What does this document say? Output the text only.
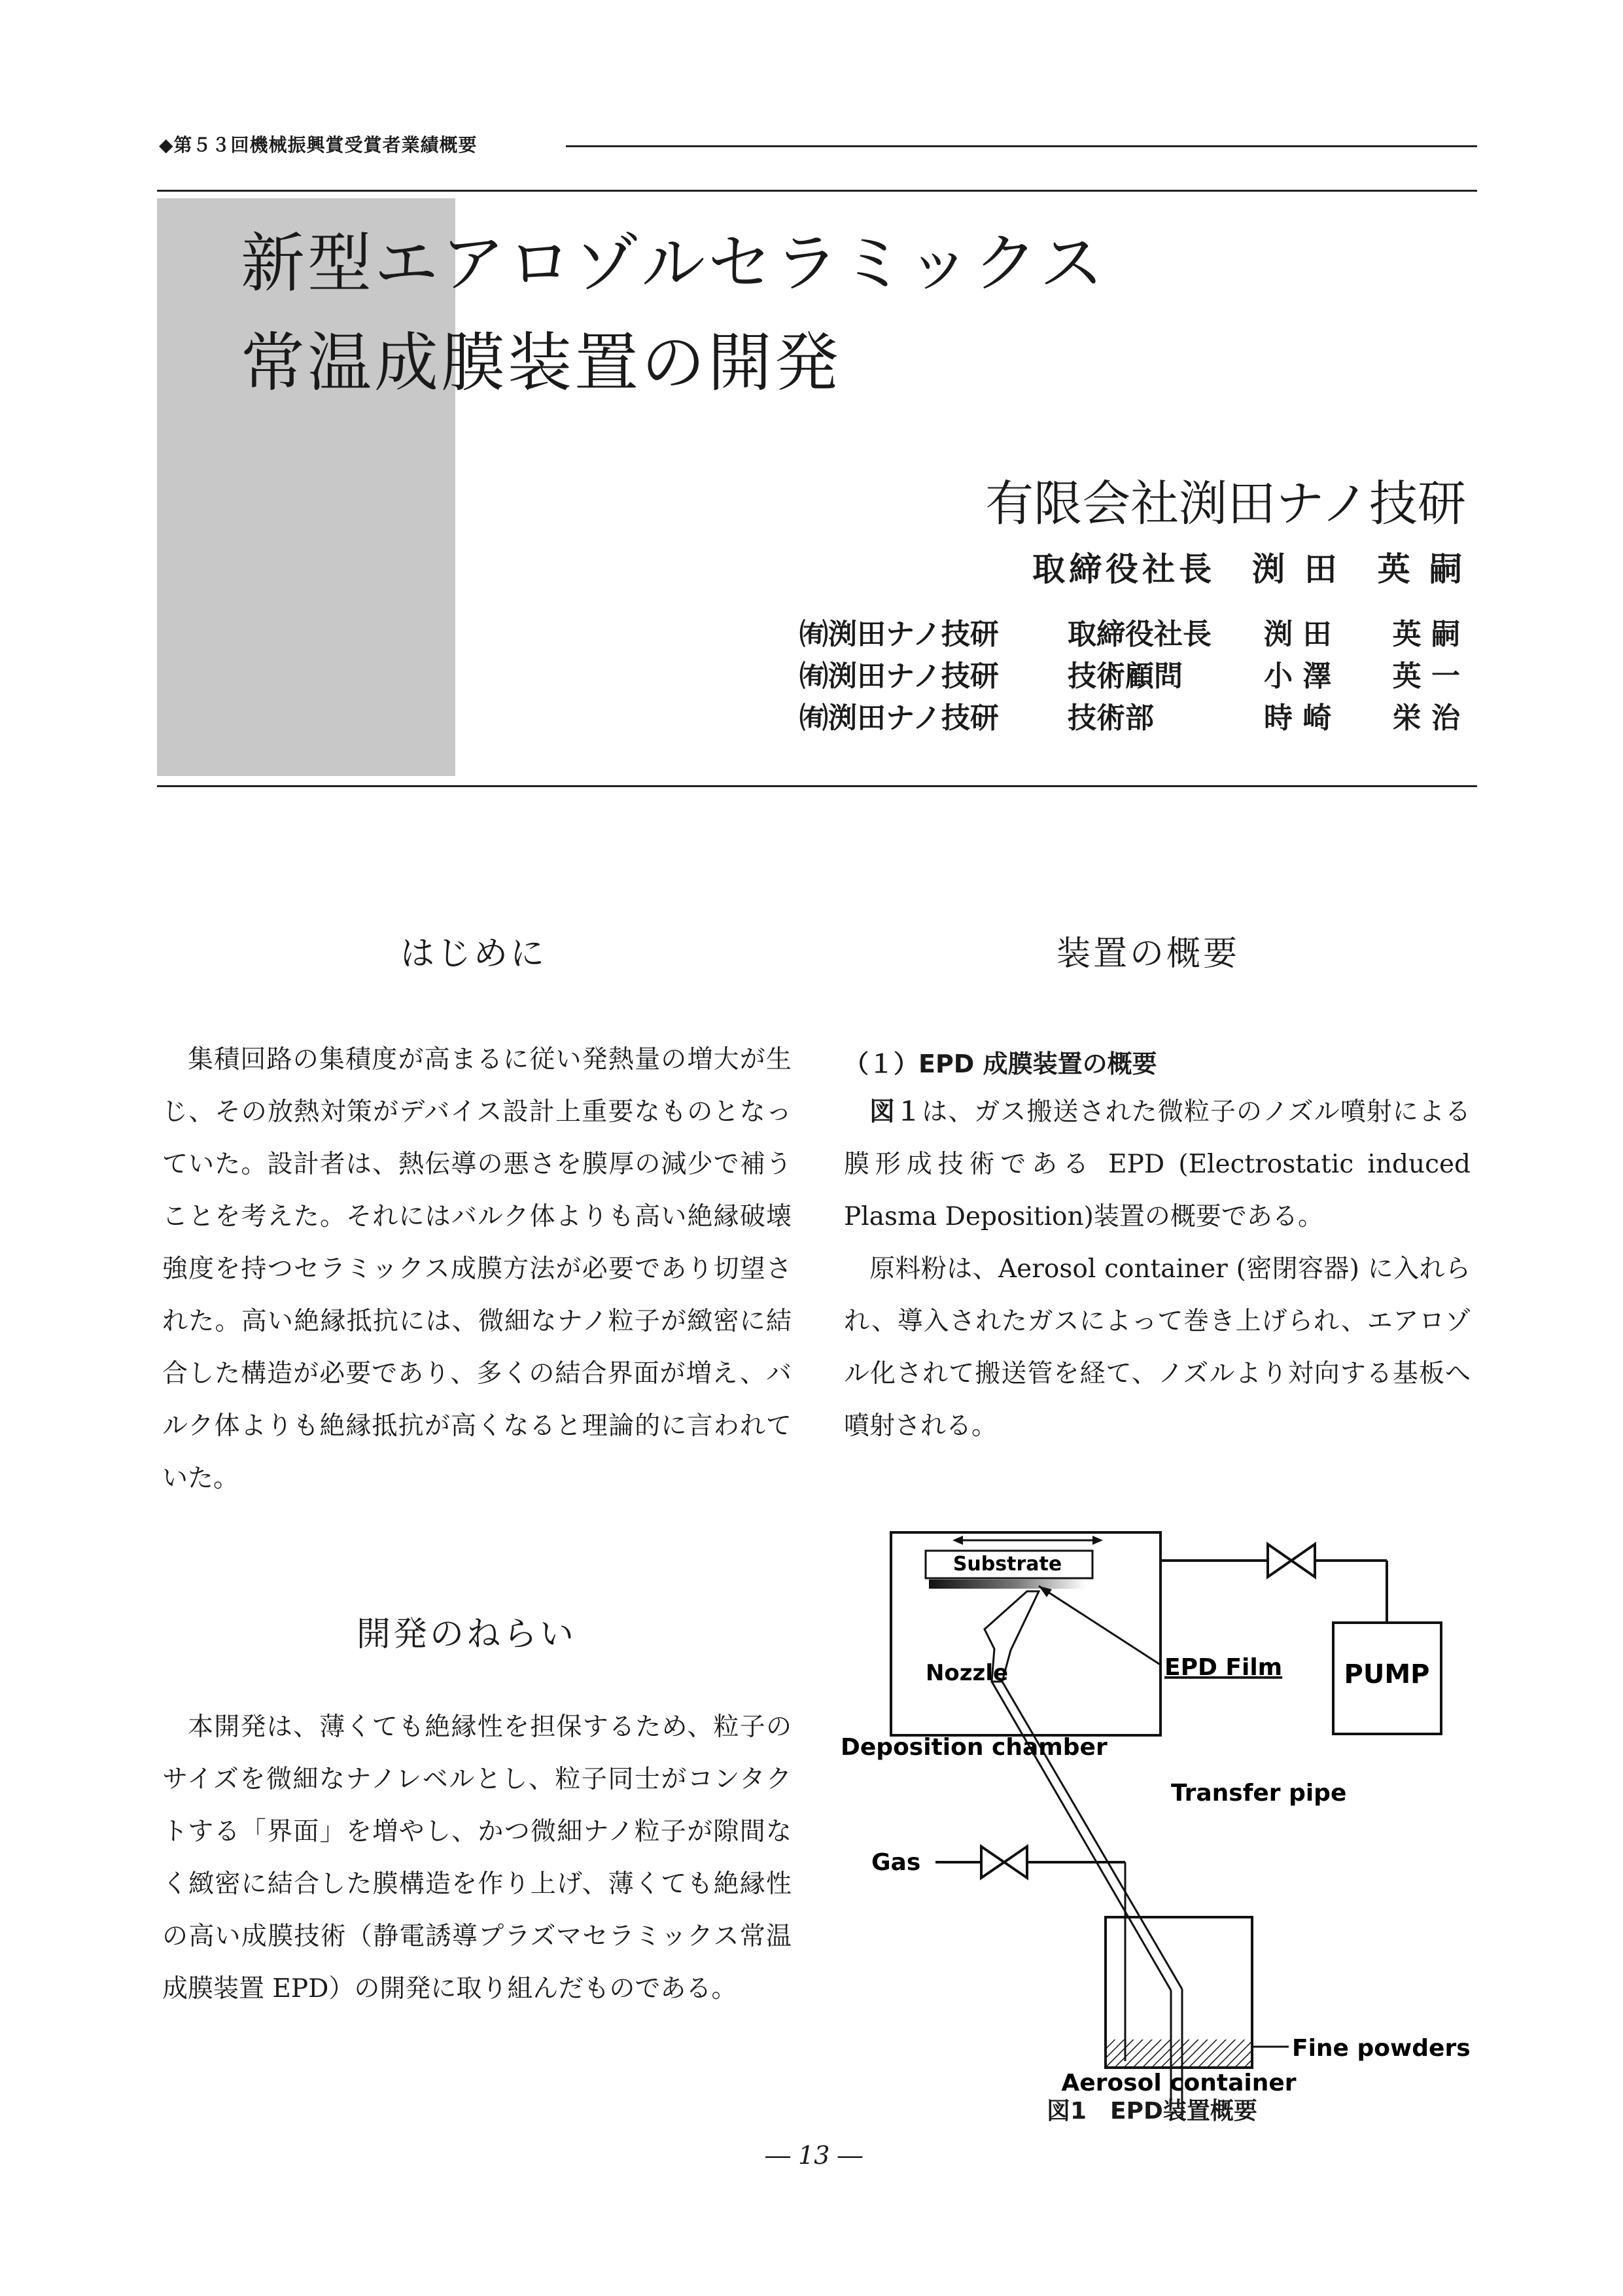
◆第５３回機械振興賞受賞者業績概要
新型エアロゾルセラミックス
常温成膜装置の開発
有限会社渕田ナノ技研
取締役社長　渕 田　英 嗣
㈲渕田ナノ技研	取締役社長	渕 田	英 嗣
㈲渕田ナノ技研	技術顧問	小 澤	英 一
㈲渕田ナノ技研	技術部	時 崎	栄 治
はじめに

集積回路の集積度が高まるに従い発熱量の増大が生じ、その放熱対策がデバイス設計上重要なものとなっていた。設計者は、熱伝導の悪さを膜厚の減少で補うことを考えた。それにはバルク体よりも高い絶縁破壊強度を持つセラミックス成膜方法が必要であり切望された。高い絶縁抵抗には、微細なナノ粒子が緻密に結合した構造が必要であり、多くの結合界面が増え、バルク体よりも絶縁抵抗が高くなると理論的に言われていた。

開発のねらい

本開発は、薄くても絶縁性を担保するため、粒子のサイズを微細なナノレベルとし、粒子同士がコンタクトする「界面」を増やし、かつ微細ナノ粒子が隙間なく緻密に結合した膜構造を作り上げ、薄くても絶縁性の高い成膜技術（静電誘導プラズマセラミックス常温成膜装置 EPD）の開発に取り組んだものである。

装置の概要
（１）EPD 成膜装置の概要

図１は、ガス搬送された微粒子のノズル噴射による膜形成技術である EPD (Electrostatic induced Plasma Deposition)装置の概要である。

原料粉は、Aerosol container (密閉容器) に入れられ、導入されたガスによって巻き上げられ、エアロゾル化されて搬送管を経て、ノズルより対向する基板へ噴射される。

Substrate
Nozzle	EPD Film PUMP
Deposition chamber
Transfer pipe
Gas
Fine powders
Aerosol container
図1　EPD装置概要
― 13 ―
